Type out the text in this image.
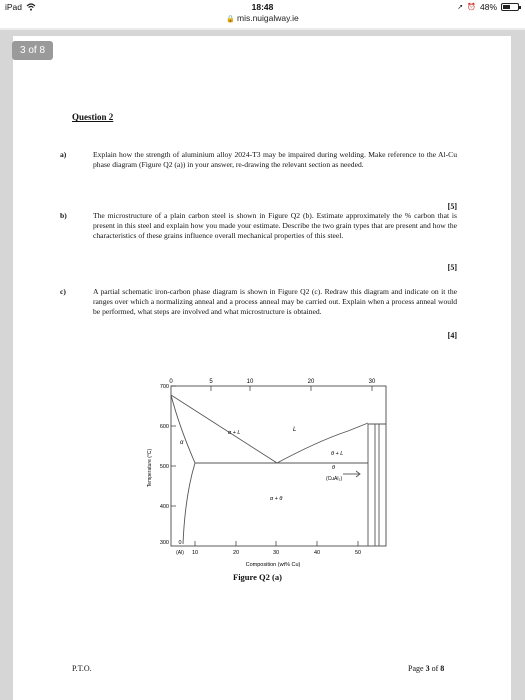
iPad	18:48	➚ ⏰ 48%
🔒 mis.nuigalway.ie
Question 2
a)	Explain how the strength of aluminium alloy 2024-T3 may be impaired during welding. Make reference to the Al-Cu phase diagram (Figure Q2 (a)) in your answer, re-drawing the relevant section as needed.
[5]
b)	The microstructure of a plain carbon steel is shown in Figure Q2 (b). Estimate approximately the % carbon that is present in this steel and explain how you made your estimate. Describe the two grain types that are present and how the characteristics of these grains influence overall mechanical properties of this steel.
[5]
c)	A partial schematic iron-carbon phase diagram is shown in Figure Q2 (c). Redraw this diagram and indicate on it the ranges over which a normalizing anneal and a process anneal may be carried out. Explain when a process anneal would be performed, what steps are involved and what microstructure is obtained.
[4]
0	5	10	20	30
700
600
500
400
300
Temperature (°C)
0
10	20	30	40	50
(Al)
Composition (wt% Cu)
α
α + L	L
θ + L
α + θ
θ
(CuAl₂)
Figure Q2 (a)
P.T.O.	Page 3 of 8
3 of 8
